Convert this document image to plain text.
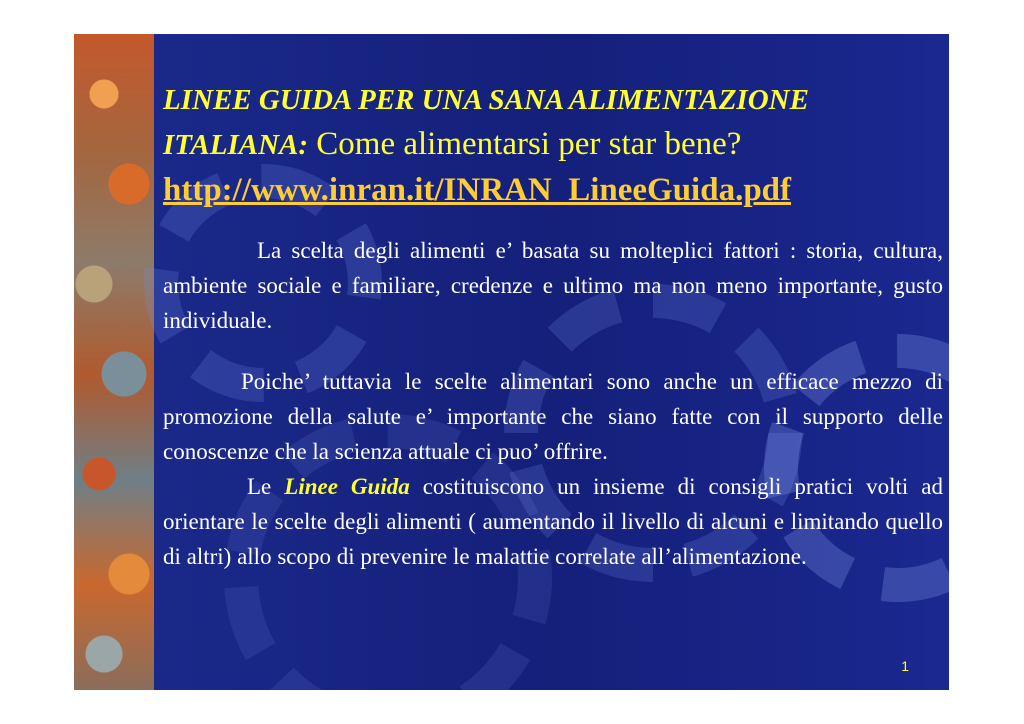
LINEE GUIDA PER UNA SANA ALIMENTAZIONE
ITALIANA: Come alimentarsi per star bene?
http://www.inran.it/INRAN_LineeGuida.pdf

La scelta degli alimenti e’ basata su molteplici fattori : storia, cultura, ambiente sociale e familiare, credenze e ultimo ma non meno importante, gusto individuale.

Poiche’ tuttavia le scelte alimentari sono anche un efficace mezzo di promozione della salute e’ importante che siano fatte con il supporto delle conoscenze che la scienza attuale ci puo’ offrire.

Le Linee Guida costituiscono un insieme di consigli pratici volti ad orientare le scelte degli alimenti ( aumentando il livello di alcuni e limitando quello di altri) allo scopo di prevenire le malattie correlate all’alimentazione.

1
